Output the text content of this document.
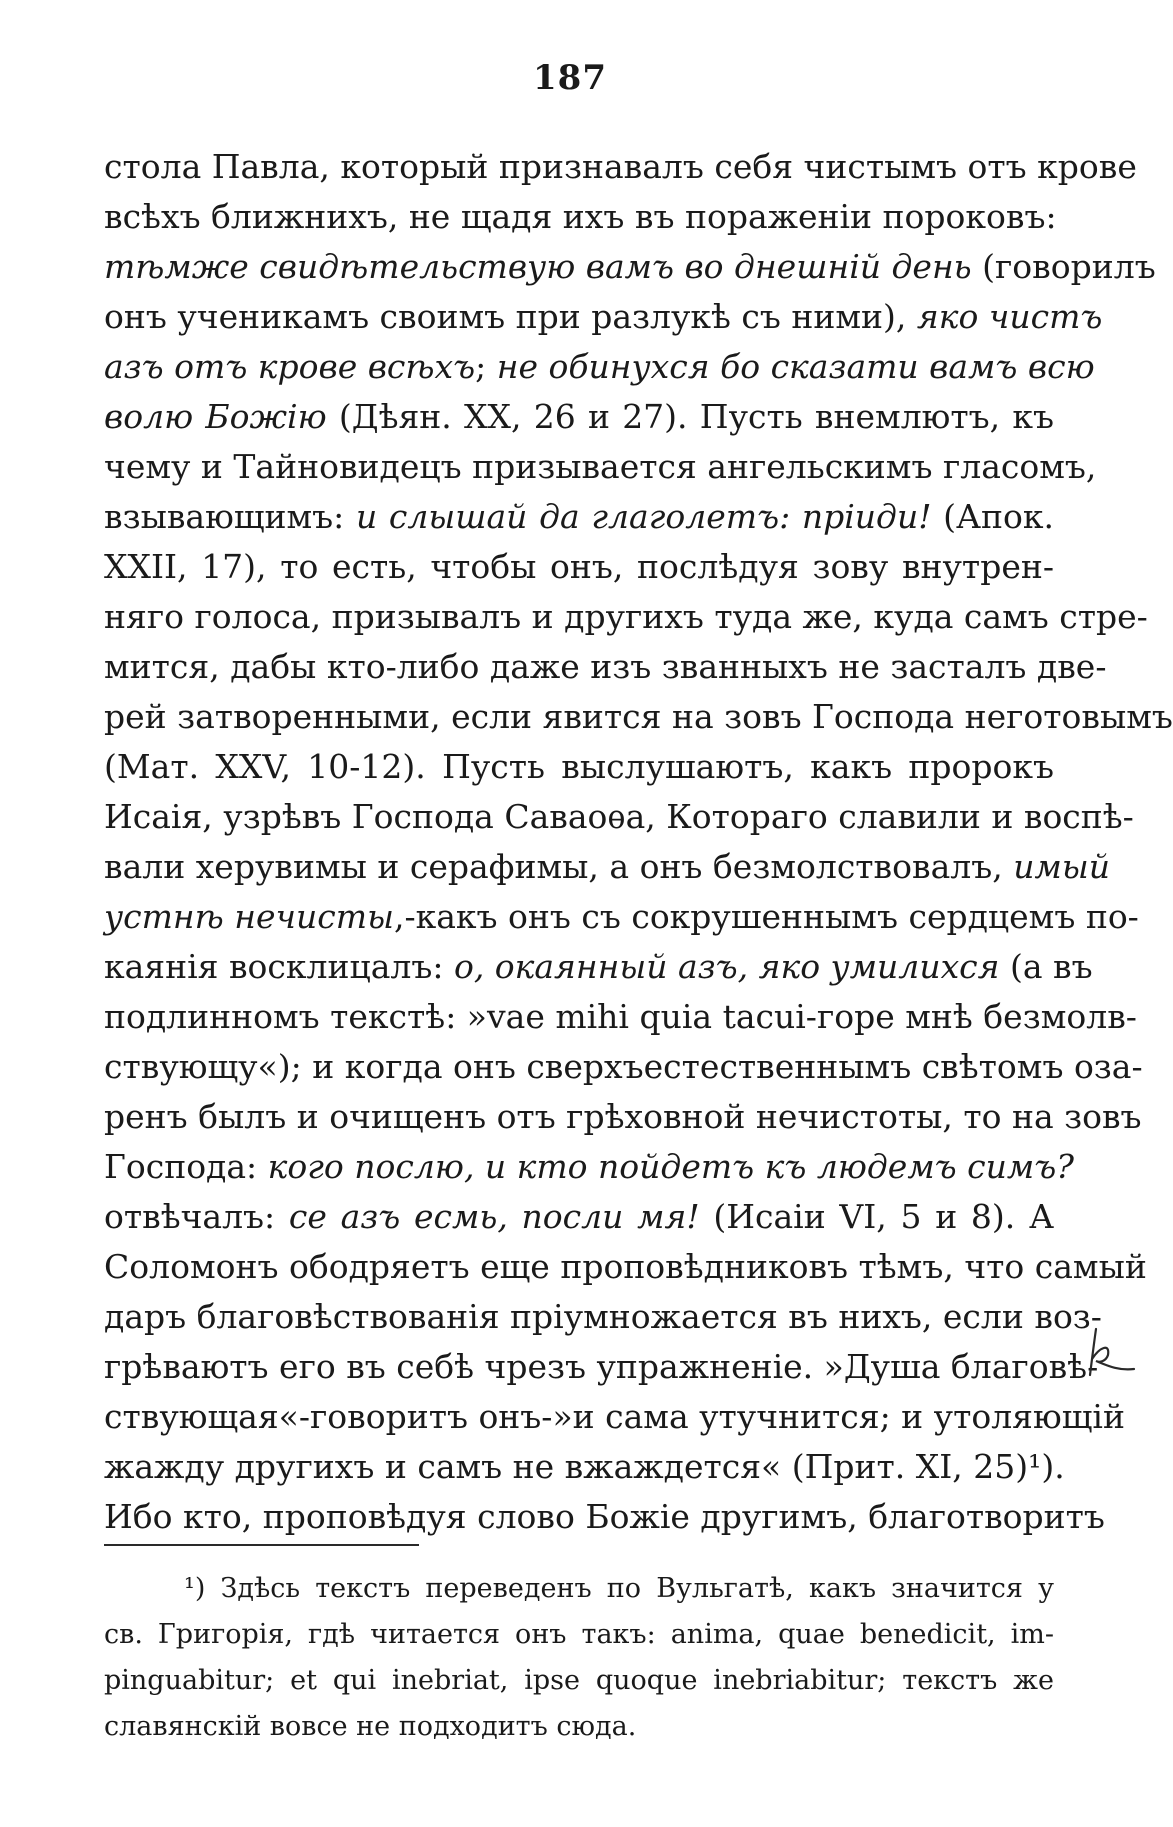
187
стола Павла, который признавалъ себя чистымъ отъ крове
всѣхъ ближнихъ, не щадя ихъ въ пораженіи пороковъ:
тѣмже свидѣтельствую вамъ во днешній день (говорилъ
онъ ученикамъ своимъ при разлукѣ съ ними), яко чистъ
азъ отъ крове всѣхъ; не обинухся бо сказати вамъ всю
волю Божію (Дѣян. XX, 26 и 27). Пусть внемлютъ, къ
чему и Тайновидецъ призывается ангельскимъ гласомъ,
взывающимъ: и слышай да глаголетъ: пріиди! (Апок.
XXII, 17), то есть, чтобы онъ, послѣдуя зову внутрен-
няго голоса, призывалъ и другихъ туда же, куда самъ стре-
мится, дабы кто-либо даже изъ званныхъ не засталъ две-
рей затворенными, если явится на зовъ Господа неготовымъ
(Мат. XXV, 10-12). Пусть выслушаютъ, какъ пророкъ
Исаія, узрѣвъ Господа Саваоѳа, Котораго славили и воспѣ-
вали херувимы и серафимы, а онъ безмолствовалъ, имый
устнѣ нечисты,-какъ онъ съ сокрушеннымъ сердцемъ по-
каянія восклицалъ: о, окаянный азъ, яко умилихся (а въ
подлинномъ текстѣ: »vae mihi quia tacui-горе мнѣ безмолв-
ствующу«); и когда онъ сверхъестественнымъ свѣтомъ оза-
ренъ былъ и очищенъ отъ грѣховной нечистоты, то на зовъ
Господа: кого послю, и кто пойдетъ къ людемъ симъ?
отвѣчалъ: се азъ есмь, посли мя! (Исаіи VI, 5 и 8). А
Соломонъ ободряетъ еще проповѣдниковъ тѣмъ, что самый
даръ благовѣствованія пріумножается въ нихъ, если воз-
грѣваютъ его въ себѣ чрезъ упражненіе. »Душа благовѣ-
ствующая«-говоритъ онъ-»и сама утучнится; и утоляющій
жажду другихъ и самъ не вжаждется« (Прит. XI, 25)¹).
Ибо кто, проповѣдуя слово Божіе другимъ, благотворитъ
¹) Здѣсь текстъ переведенъ по Вульгатѣ, какъ значится у
св. Григорія, гдѣ читается онъ такъ: anima, quae benedicit, im-
pinguabitur; et qui inebriat, ipse quoque inebriabitur; текстъ же
славянскій вовсе не подходитъ сюда.
